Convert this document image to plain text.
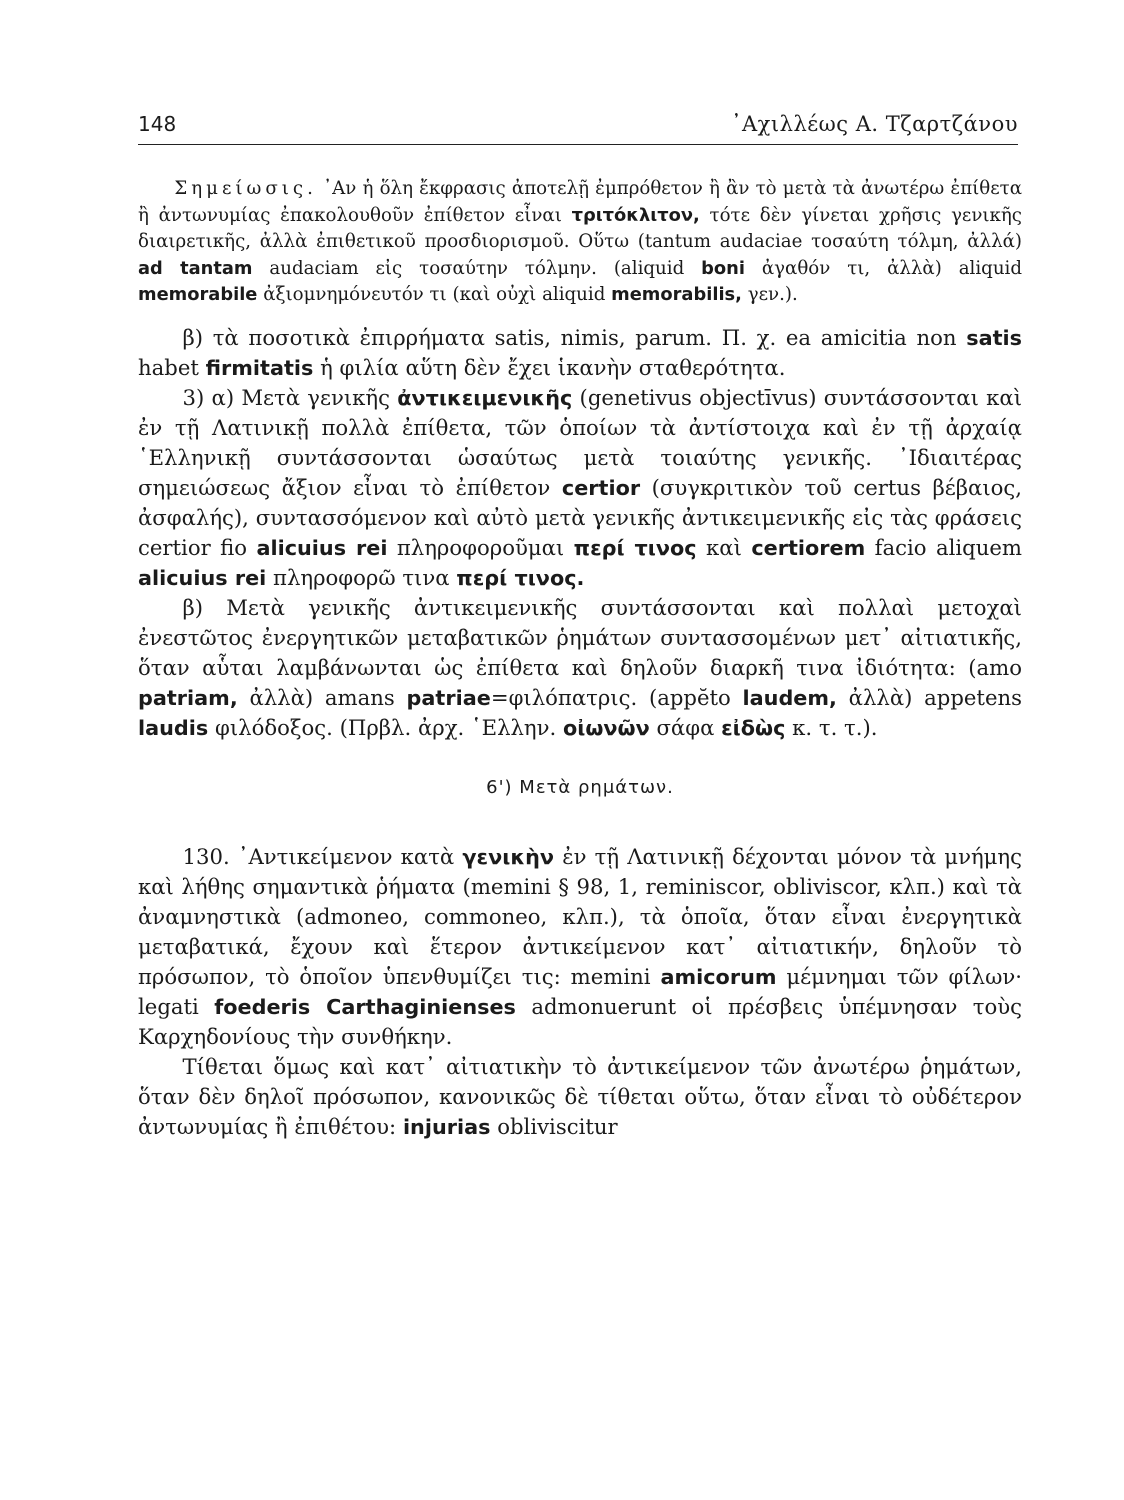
148	᾽Αχιλλέως Α. Τζαρτζάνου

Σημείωσις. ᾽Αν ἡ ὅλη ἔκφρασις ἀποτελῇ ἐμπρόθετον ἢ ἂν τὸ μετὰ τὰ ἀνωτέρω ἐπίθετα ἢ ἀντωνυμίας ἐπακολουθοῦν ἐπίθετον εἶναι τριτόκλιτον, τότε δὲν γίνεται χρῆσις γενικῆς διαιρετικῆς, ἀλλὰ ἐπιθετικοῦ προσδιορισμοῦ. Οὕτω (tantum audaciae τοσαύτη τόλμη, ἀλλά) ad tantam audaciam εἰς τοσαύτην τόλμην. (aliquid boni ἀγαθόν τι, ἀλλὰ) aliquid memorabile ἀξιομνημόνευτόν τι (καὶ οὐχὶ aliquid memorabilis, γεν.).

β) τὰ ποσοτικὰ ἐπιρρήματα satis, nimis, parum. Π. χ. ea amicitia non satis habet firmitatis ἡ φιλία αὕτη δὲν ἔχει ἱκανὴν σταθερότητα.

3) α) Μετὰ γενικῆς ἀντικειμενικῆς (genetivus objectīvus) συντάσσονται καὶ ἐν τῇ Λατινικῇ πολλὰ ἐπίθετα, τῶν ὁποίων τὰ ἀντίστοιχα καὶ ἐν τῇ ἀρχαίᾳ ῾Ελληνικῇ συντάσσονται ὡσαύτως μετὰ τοιαύτης γενικῆς. ᾽Ιδιαιτέρας σημειώσεως ἄξιον εἶναι τὸ ἐπίθετον certior (συγκριτικὸν τοῦ certus βέβαιος, ἀσφαλής), συντασσόμενον καὶ αὐτὸ μετὰ γενικῆς ἀντικειμενικῆς εἰς τὰς φράσεις certior fio alicuius rei πληροφοροῦμαι περί τινος καὶ certiorem facio aliquem alicuius rei πληροφορῶ τινα περί τινος.

β) Μετὰ γενικῆς ἀντικειμενικῆς συντάσσονται καὶ πολλαὶ μετοχαὶ ἐνεστῶτος ἐνεργητικῶν μεταβατικῶν ῥημάτων συντασσομένων μετ᾽ αἰτιατικῆς, ὅταν αὗται λαμβάνωνται ὡς ἐπίθετα καὶ δηλοῦν διαρκῆ τινα ἰδιότητα: (amo patriam, ἀλλὰ) amans patriae=φιλόπατρις. (appĕto laudem, ἀλλὰ) appetens laudis φιλόδοξος. (Πρβλ. ἀρχ. ῾Ελλην. οἰωνῶν σάφα εἰδὼς κ. τ. τ.).

6') Μετὰ ρημάτων.

130. ᾽Αντικείμενον κατὰ γενικὴν ἐν τῇ Λατινικῇ δέχονται μόνον τὰ μνήμης καὶ λήθης σημαντικὰ ῥήματα (memini § 98, 1, reminiscor, obliviscor, κλπ.) καὶ τὰ ἀναμνηστικὰ (admoneo, commoneo, κλπ.), τὰ ὁποῖα, ὅταν εἶναι ἐνεργητικὰ μεταβατικά, ἔχουν καὶ ἕτερον ἀντικείμενον κατ᾽ αἰτιατικήν, δηλοῦν τὸ πρόσωπον, τὸ ὁποῖον ὑπενθυμίζει τις: memini amicorum μέμνημαι τῶν φίλων· legati foederis Carthaginienses admonuerunt οἱ πρέσβεις ὑπέμνησαν τοὺς Καρχηδονίους τὴν συνθήκην.

Τίθεται ὅμως καὶ κατ᾽ αἰτιατικὴν τὸ ἀντικείμενον τῶν ἀνωτέρω ῥημάτων, ὅταν δὲν δηλοῖ πρόσωπον, κανονικῶς δὲ τίθεται οὕτω, ὅταν εἶναι τὸ οὐδέτερον ἀντωνυμίας ἢ ἐπιθέτου: injurias obliviscitur
